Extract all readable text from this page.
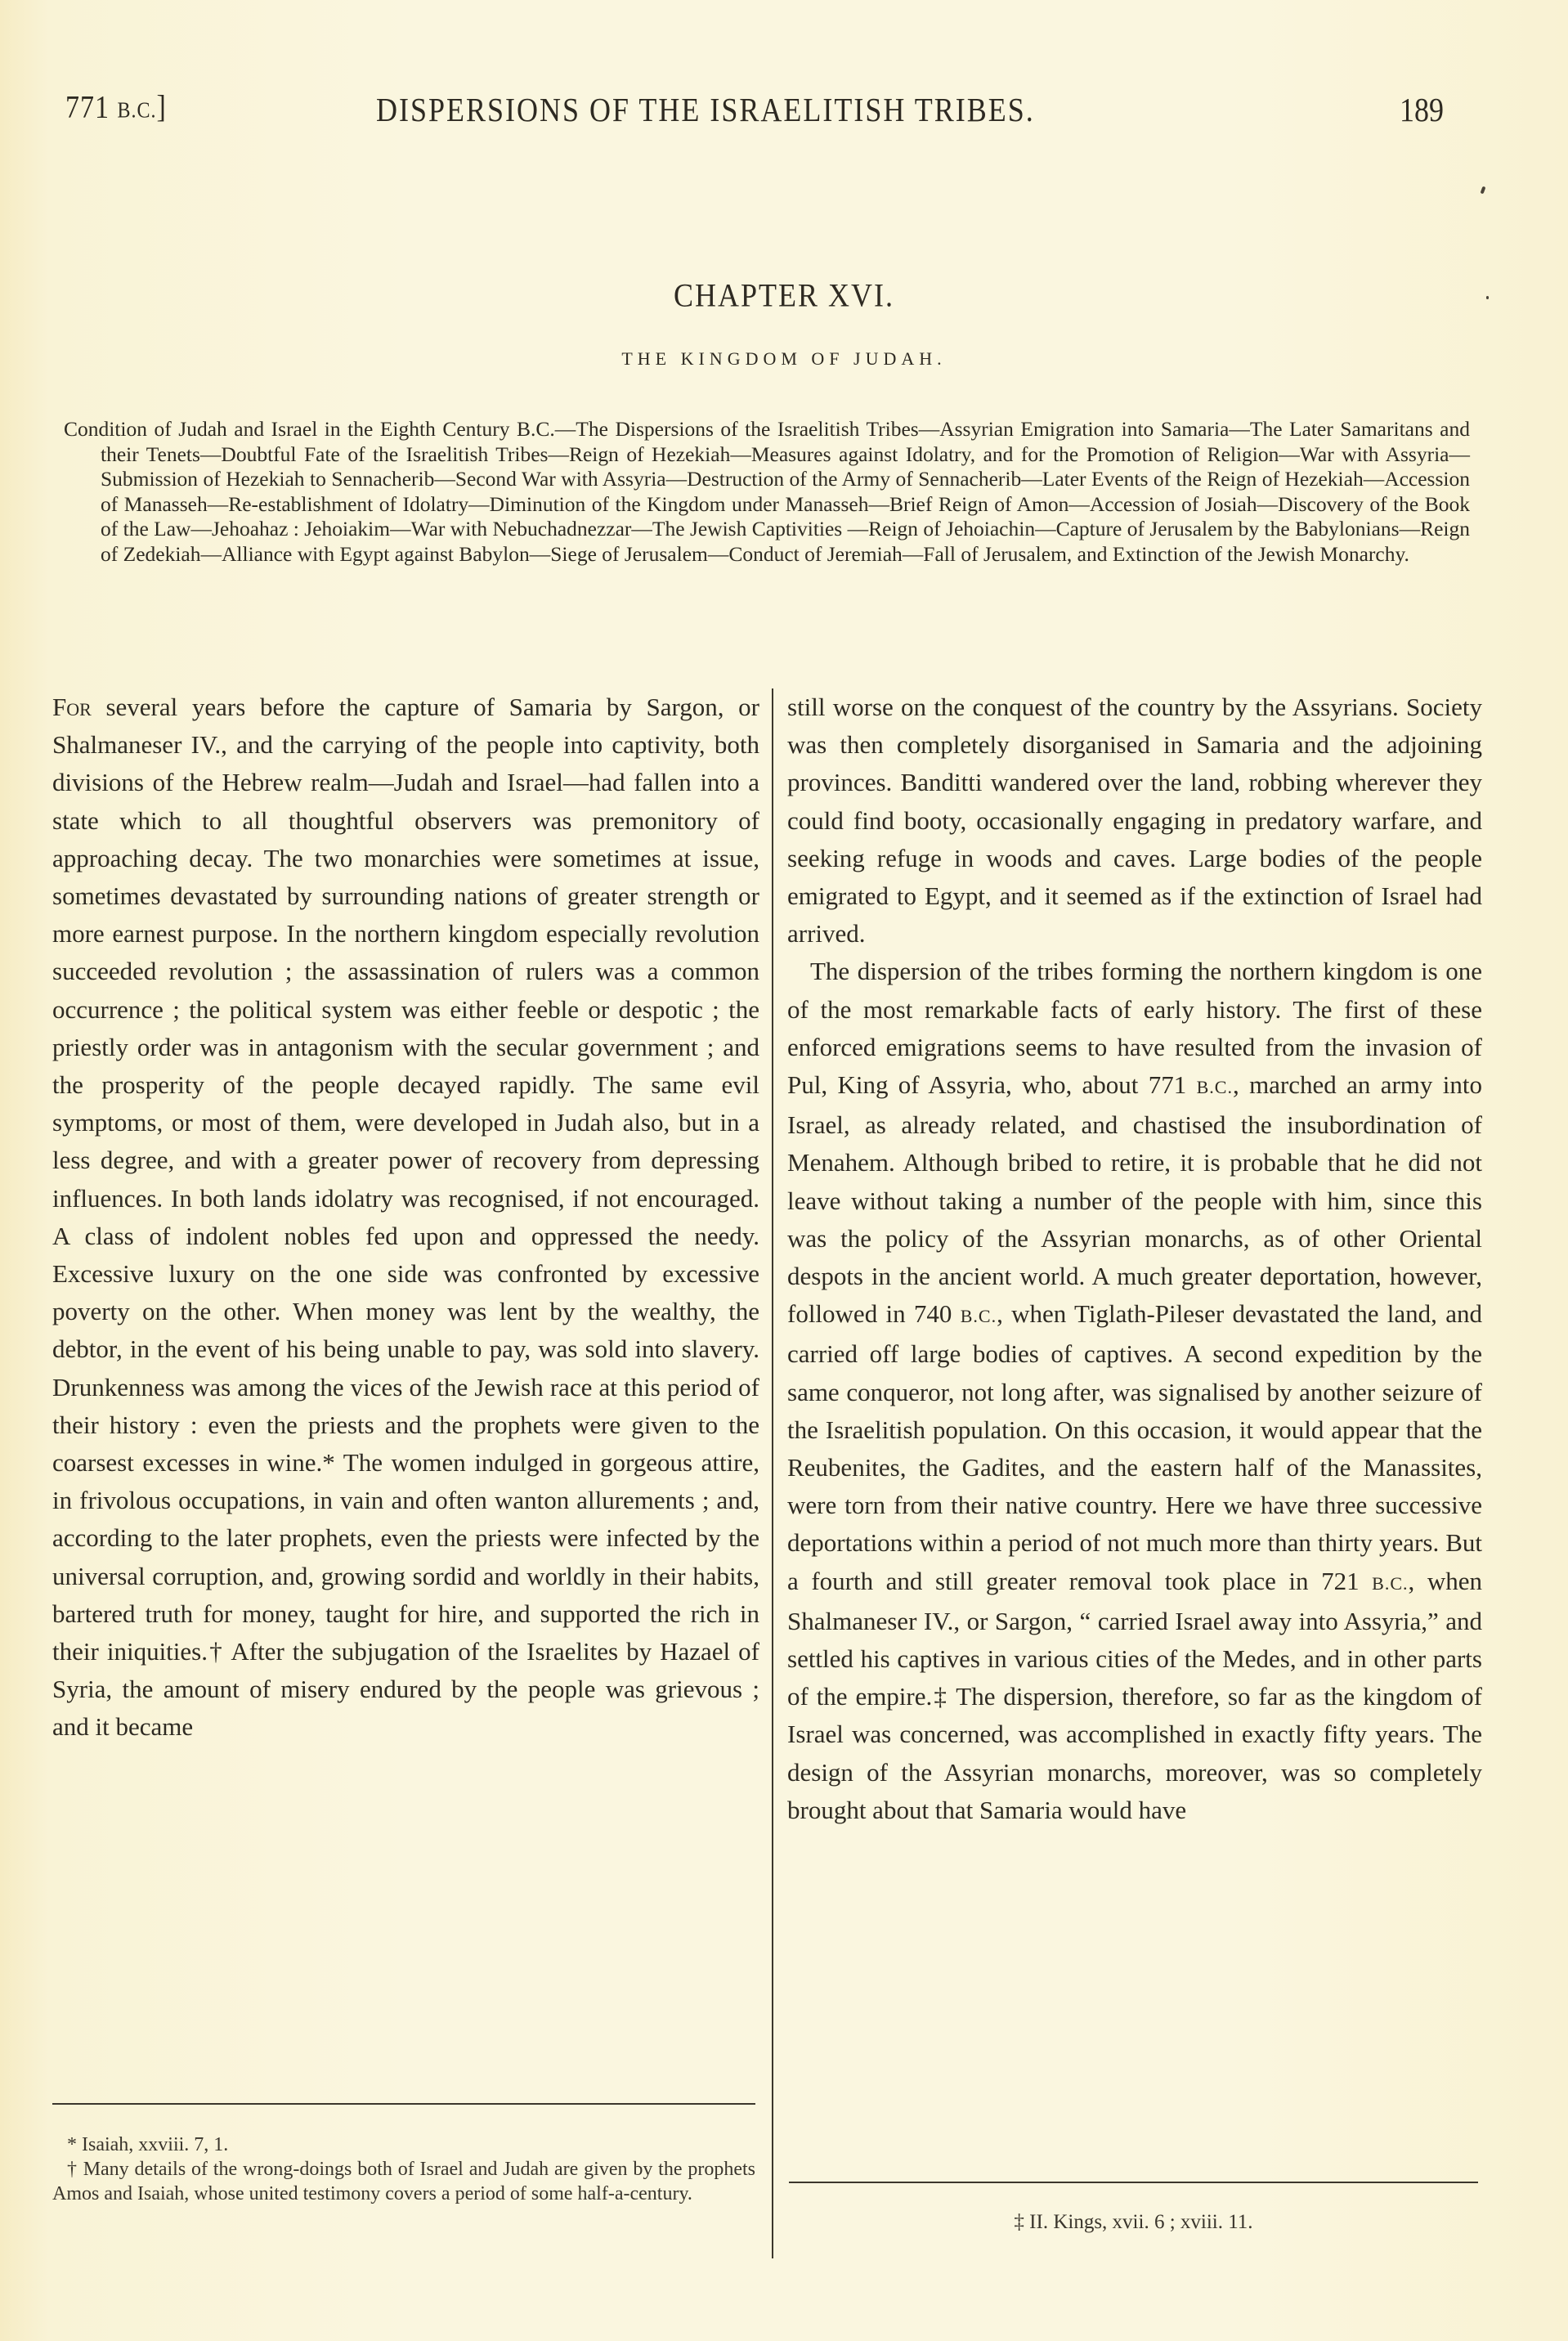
771 B.C.]	DISPERSIONS OF THE ISRAELITISH TRIBES.	189
CHAPTER XVI.
THE KINGDOM OF JUDAH.

Condition of Judah and Israel in the Eighth Century B.C.—The Dispersions of the Israelitish Tribes—Assyrian Emigration into Samaria—The Later Samaritans and their Tenets—Doubtful Fate of the Israelitish Tribes—Reign of Hezekiah—Measures against Idolatry, and for the Promotion of Religion—War with Assyria—Submission of Hezekiah to Sennacherib—Second War with Assyria—Destruction of the Army of Sennacherib—Later Events of the Reign of Hezekiah—Accession of Manasseh—Re-establishment of Idolatry—Diminution of the Kingdom under Manasseh—Brief Reign of Amon—Accession of Josiah—Discovery of the Book of the Law—Jehoahaz : Jehoiakim—War with Nebuchadnezzar—The Jewish Captivities —Reign of Jehoiachin—Capture of Jerusalem by the Babylonians—Reign of Zedekiah—Alliance with Egypt against Babylon—Siege of Jerusalem—Conduct of Jeremiah—Fall of Jerusalem, and Extinction of the Jewish Monarchy.

For several years before the capture of Samaria by Sargon, or Shalmaneser IV., and the carrying of the people into captivity, both divisions of the Hebrew realm—Judah and Israel—had fallen into a state which to all thoughtful observers was premonitory of approaching decay. The two monarchies were sometimes at issue, sometimes devastated by surrounding nations of greater strength or more earnest purpose. In the northern kingdom especially revolution succeeded revolution ; the assassination of rulers was a common occurrence ; the political system was either feeble or despotic ; the priestly order was in antagonism with the secular government ; and the prosperity of the people decayed rapidly. The same evil symptoms, or most of them, were developed in Judah also, but in a less degree, and with a greater power of recovery from depressing influences. In both lands idolatry was recognised, if not encouraged. A class of indolent nobles fed upon and oppressed the needy. Excessive luxury on the one side was confronted by excessive poverty on the other. When money was lent by the wealthy, the debtor, in the event of his being unable to pay, was sold into slavery. Drunkenness was among the vices of the Jewish race at this period of their history : even the priests and the prophets were given to the coarsest excesses in wine.* The women indulged in gorgeous attire, in frivolous occupations, in vain and often wanton allurements ; and, according to the later prophets, even the priests were infected by the universal corruption, and, growing sordid and worldly in their habits, bartered truth for money, taught for hire, and supported the rich in their iniquities.† After the subjugation of the Israelites by Hazael of Syria, the amount of misery endured by the people was grievous ; and it became

still worse on the conquest of the country by the Assyrians. Society was then completely disorganised in Samaria and the adjoining provinces. Banditti wandered over the land, robbing wherever they could find booty, occasionally engaging in predatory warfare, and seeking refuge in woods and caves. Large bodies of the people emigrated to Egypt, and it seemed as if the extinction of Israel had arrived.

The dispersion of the tribes forming the northern kingdom is one of the most remarkable facts of early history. The first of these enforced emigrations seems to have resulted from the invasion of Pul, King of Assyria, who, about 771 B.C., marched an army into Israel, as already related, and chastised the insubordination of Menahem. Although bribed to retire, it is probable that he did not leave without taking a number of the people with him, since this was the policy of the Assyrian monarchs, as of other Oriental despots in the ancient world. A much greater deportation, however, followed in 740 B.C., when Tiglath-Pileser devastated the land, and carried off large bodies of captives. A second expedition by the same conqueror, not long after, was signalised by another seizure of the Israelitish population. On this occasion, it would appear that the Reubenites, the Gadites, and the eastern half of the Manassites, were torn from their native country. Here we have three successive deportations within a period of not much more than thirty years. But a fourth and still greater removal took place in 721 B.C., when Shalmaneser IV., or Sargon, “ carried Israel away into Assyria,” and settled his captives in various cities of the Medes, and in other parts of the empire.‡ The dispersion, therefore, so far as the kingdom of Israel was concerned, was accomplished in exactly fifty years. The design of the Assyrian monarchs, moreover, was so completely brought about that Samaria would have

* Isaiah, xxviii. 7, 1.

† Many details of the wrong-doings both of Israel and Judah are given by the prophets Amos and Isaiah, whose united testimony covers a period of some half-a-century.

‡ II. Kings, xvii. 6 ; xviii. 11.
